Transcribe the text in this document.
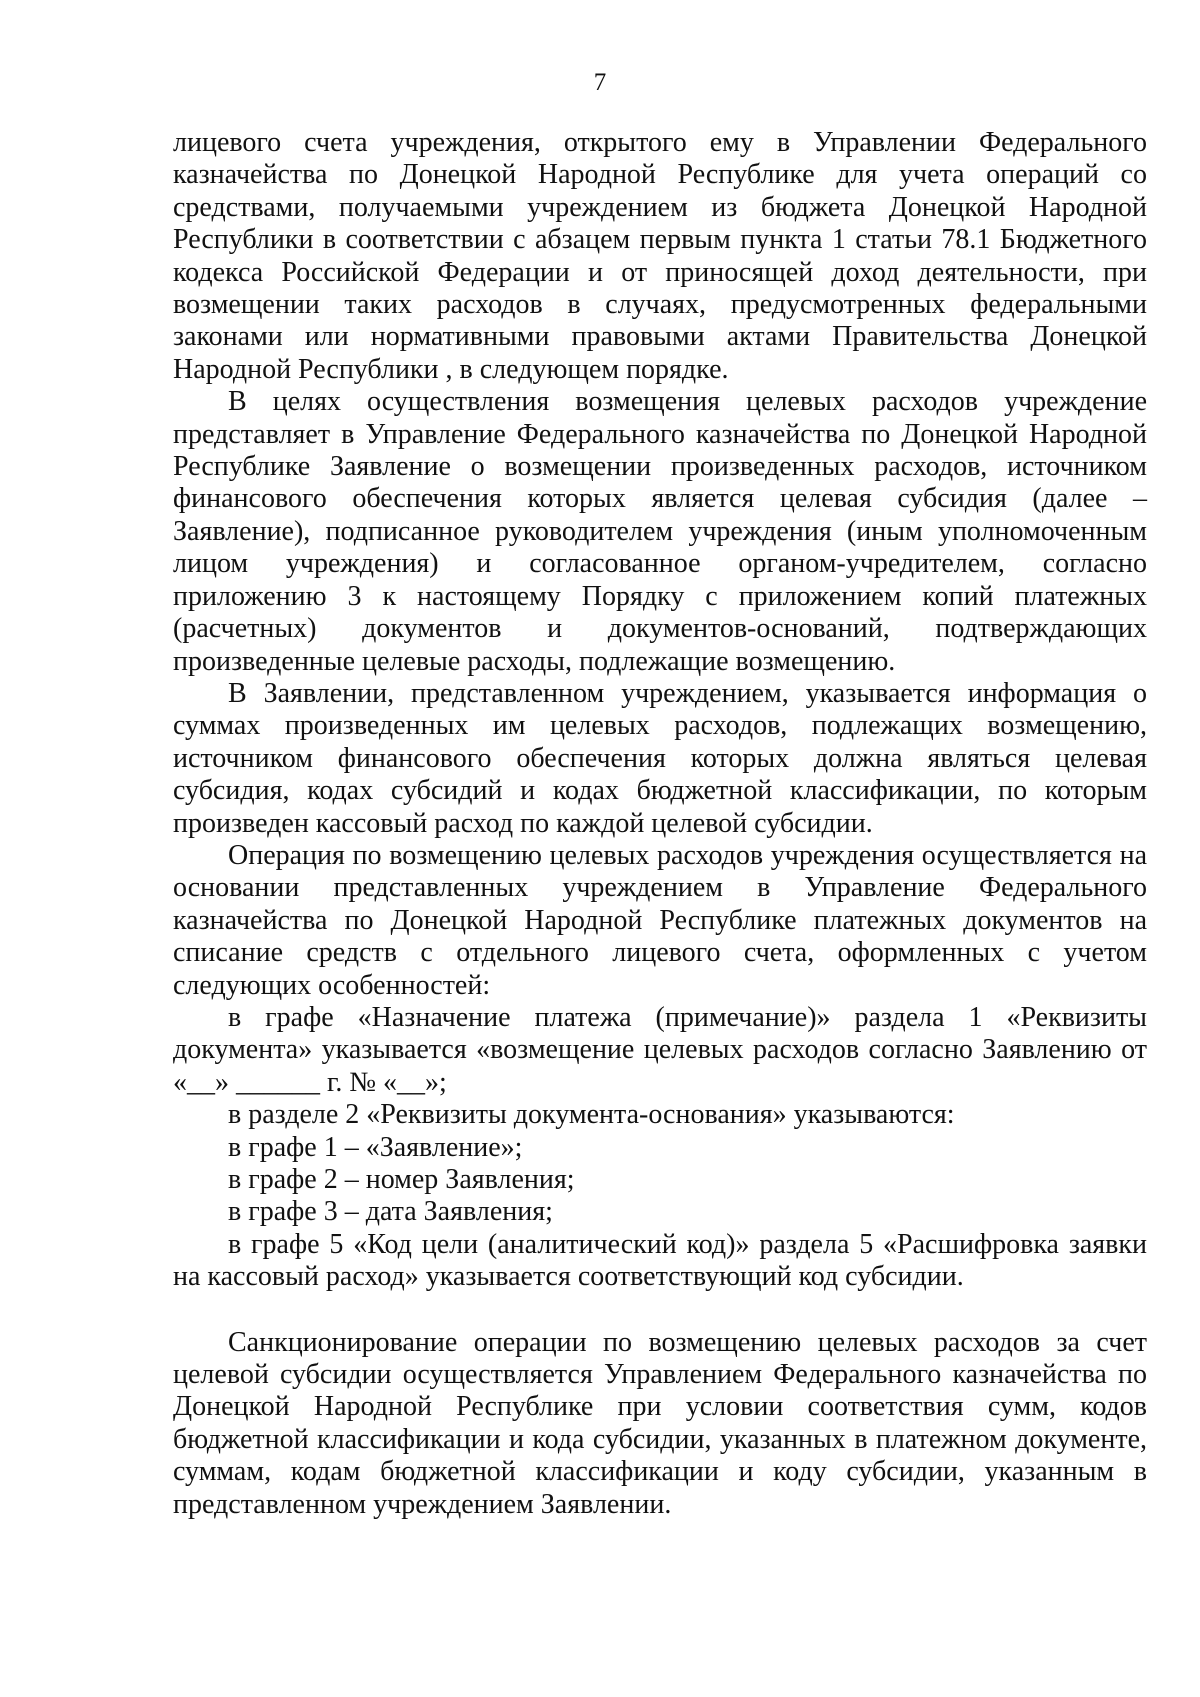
7

лицевого счета учреждения, открытого ему в Управлении Федерального казначейства по Донецкой Народной Республике для учета операций со средствами, получаемыми учреждением из бюджета Донецкой Народной Республики в соответствии с абзацем первым пункта 1 статьи 78.1 Бюджетного кодекса Российской Федерации и от приносящей доход деятельности, при возмещении таких расходов в случаях, предусмотренных федеральными законами или нормативными правовыми актами Правительства Донецкой Народной Республики , в следующем порядке.

В целях осуществления возмещения целевых расходов учреждение представляет в Управление Федерального казначейства по Донецкой Народной Республике Заявление о возмещении произведенных расходов, источником финансового обеспечения которых является целевая субсидия (далее – Заявление), подписанное руководителем учреждения (иным уполномоченным лицом учреждения) и согласованное органом-учредителем, согласно приложению 3 к настоящему Порядку с приложением копий платежных (расчетных) документов и документов-оснований, подтверждающих произведенные целевые расходы, подлежащие возмещению.

В Заявлении, представленном учреждением, указывается информация о суммах произведенных им целевых расходов, подлежащих возмещению, источником финансового обеспечения которых должна являться целевая субсидия, кодах субсидий и кодах бюджетной классификации, по которым произведен кассовый расход по каждой целевой субсидии.

Операция по возмещению целевых расходов учреждения осуществляется на основании представленных учреждением в Управление Федерального казначейства по Донецкой Народной Республике платежных документов на списание средств с отдельного лицевого счета, оформленных с учетом следующих особенностей:

в графе «Назначение платежа (примечание)» раздела 1 «Реквизиты документа» указывается «возмещение целевых расходов согласно Заявлению от «__» ______ г. № «__»;

в разделе 2 «Реквизиты документа-основания» указываются:

в графе 1 – «Заявление»;

в графе 2 – номер Заявления;

в графе 3 – дата Заявления;

в графе 5 «Код цели (аналитический код)» раздела 5 «Расшифровка заявки на кассовый расход» указывается соответствующий код субсидии.

Санкционирование операции по возмещению целевых расходов за счет целевой субсидии осуществляется Управлением Федерального казначейства по Донецкой Народной Республике при условии соответствия сумм, кодов бюджетной классификации и кода субсидии, указанных в платежном документе, суммам, кодам бюджетной классификации и коду субсидии, указанным в представленном учреждением Заявлении.
